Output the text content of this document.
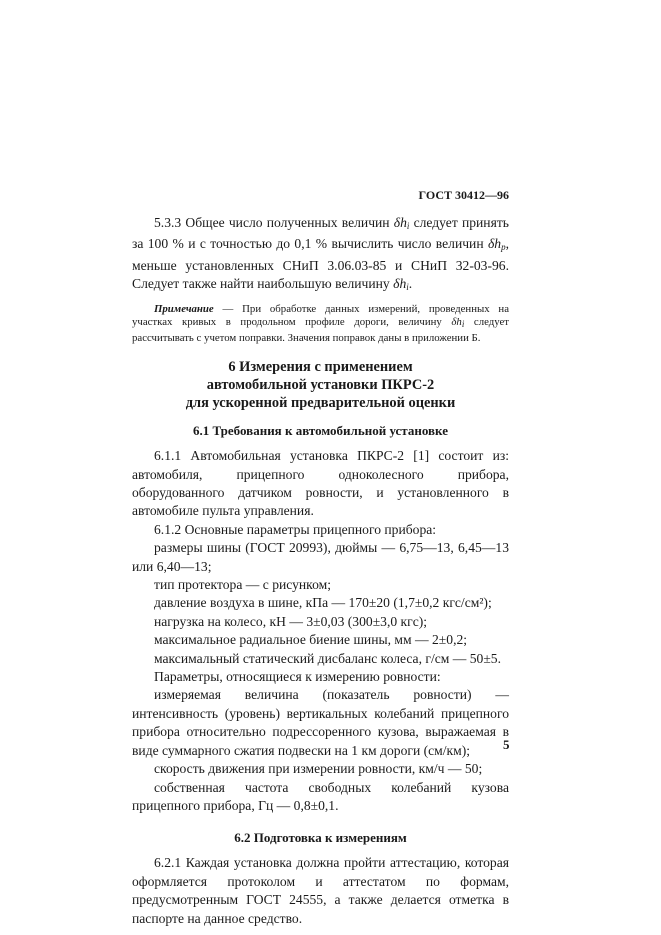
ГОСТ 30412—96

5.3.3 Общее число полученных величин $\delta h_i$ следует принять за 100 % и с точностью до 0,1 % вычислить число величин $\delta h_р$, меньше установленных СНиП 3.06.03-85 и СНиП 32-03-96. Следует также найти наибольшую величину $\delta h_i$.

Примечание — При обработке данных измерений, проведенных на участках кривых в продольном профиле дороги, величину $\delta h_i$ следует рассчитывать с учетом поправки. Значения поправок даны в приложении Б.

6 Измерения с применением
автомобильной установки ПКРС-2
для ускоренной предварительной оценки
6.1 Требования к автомобильной установке

6.1.1 Автомобильная установка ПКРС-2 [1] состоит из: автомобиля, прицепного одноколесного прибора, оборудованного датчиком ровности, и установленного в автомобиле пульта управления.

6.1.2 Основные параметры прицепного прибора:

размеры шины (ГОСТ 20993), дюймы — 6,75—13, 6,45—13 или 6,40—13;

тип протектора — с рисунком;

давление воздуха в шине, кПа — 170±20 (1,7±0,2 кгс/см²);

нагрузка на колесо, кН — 3±0,03 (300±3,0 кгс);

максимальное радиальное биение шины, мм — 2±0,2;

максимальный статический дисбаланс колеса, г/см — 50±5.

Параметры, относящиеся к измерению ровности:

измеряемая величина (показатель ровности) — интенсивность (уровень) вертикальных колебаний прицепного прибора относительно подрессоренного кузова, выражаемая в виде суммарного сжатия подвески на 1 км дороги (см/км);

скорость движения при измерении ровности, км/ч — 50;

собственная частота свободных колебаний кузова прицепного прибора, Гц — 0,8±0,1.

6.2 Подготовка к измерениям

6.2.1 Каждая установка должна пройти аттестацию, которая оформляется протоколом и аттестатом по формам, предусмотренным ГОСТ 24555, а также делается отметка в паспорте на данное средство.

5
